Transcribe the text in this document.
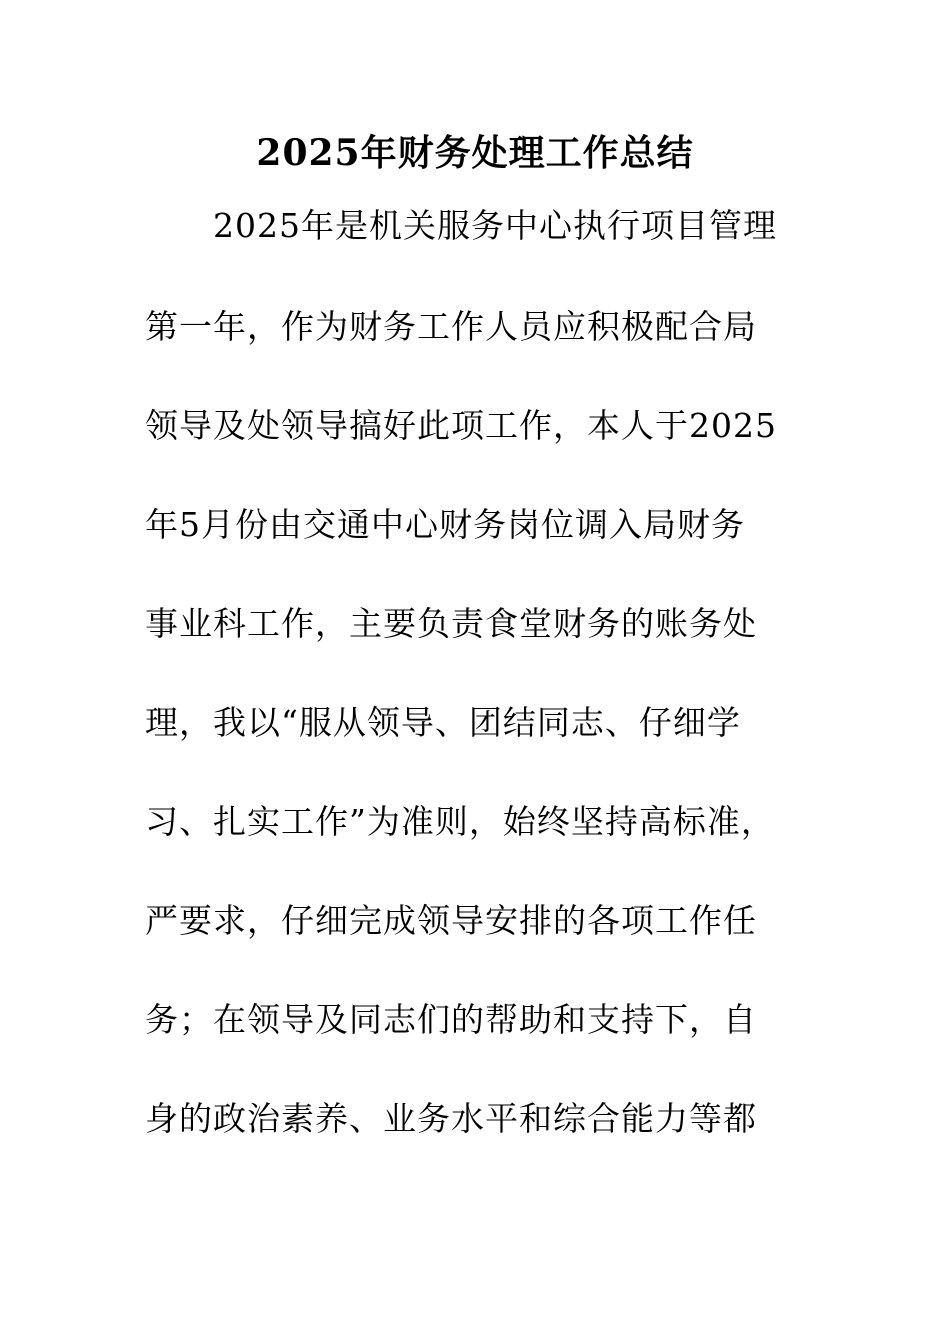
2025年财务处理工作总结
2025年是机关服务中心执行项目管理
第一年，作为财务工作人员应积极配合局
领导及处领导搞好此项工作，本人于2025
年5月份由交通中心财务岗位调入局财务
事业科工作，主要负责食堂财务的账务处
理，我以“服从领导、团结同志、仔细学
习、扎实工作”为准则，始终坚持高标准，
严要求，仔细完成领导安排的各项工作任
务；在领导及同志们的帮助和支持下，自
身的政治素养、业务水平和综合能力等都
